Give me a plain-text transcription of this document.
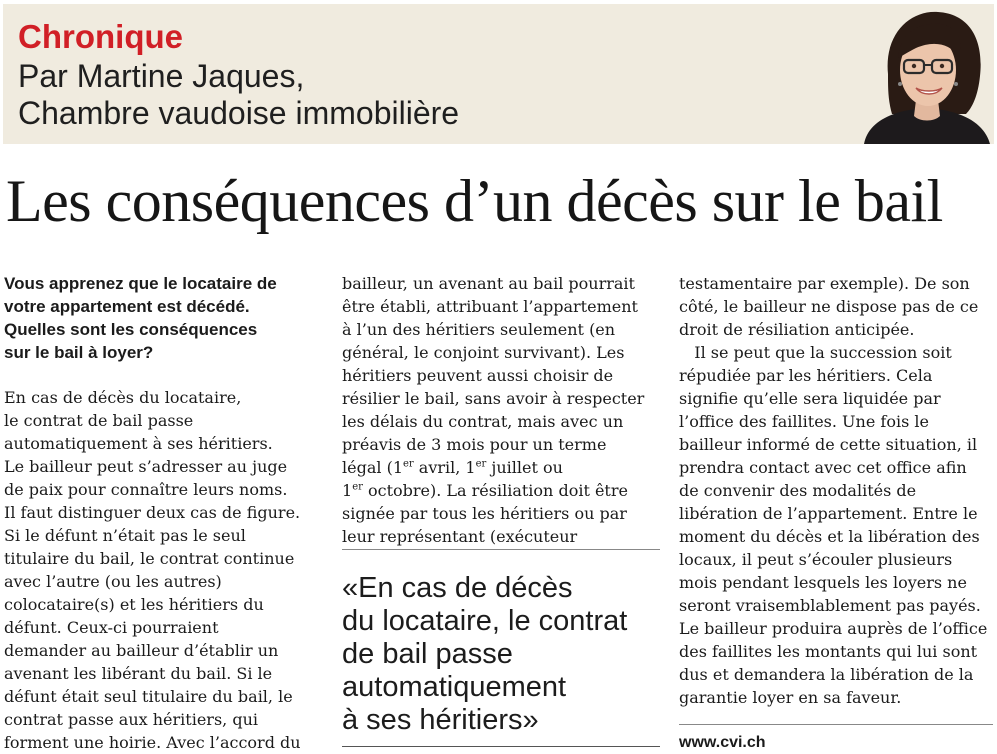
Chronique
Par Martine Jaques,
Chambre vaudoise immobilière
Les conséquences d’un décès sur le bail
Vous apprenez que le locataire de
votre appartement est décédé.
Quelles sont les conséquences
sur le bail à loyer?
En cas de décès du locataire,
le contrat de bail passe
automatiquement à ses héritiers.
Le bailleur peut s’adresser au juge
de paix pour connaître leurs noms.
Il faut distinguer deux cas de figure.
Si le défunt n’était pas le seul
titulaire du bail, le contrat continue
avec l’autre (ou les autres)
colocataire(s) et les héritiers du
défunt. Ceux-ci pourraient
demander au bailleur d’établir un
avenant les libérant du bail. Si le
défunt était seul titulaire du bail, le
contrat passe aux héritiers, qui
forment une hoirie. Avec l’accord du
bailleur, un avenant au bail pourrait
être établi, attribuant l’appartement
à l’un des héritiers seulement (en
général, le conjoint survivant). Les
héritiers peuvent aussi choisir de
résilier le bail, sans avoir à respecter
les délais du contrat, mais avec un
préavis de 3 mois pour un terme
légal (1er avril, 1er juillet ou
1er octobre). La résiliation doit être
signée par tous les héritiers ou par
leur représentant (exécuteur
«En cas de décès
du locataire, le contrat
de bail passe
automatiquement
à ses héritiers»
testamentaire par exemple). De son
côté, le bailleur ne dispose pas de ce
droit de résiliation anticipée.
Il se peut que la succession soit
répudiée par les héritiers. Cela
signifie qu’elle sera liquidée par
l’office des faillites. Une fois le
bailleur informé de cette situation, il
prendra contact avec cet office afin
de convenir des modalités de
libération de l’appartement. Entre le
moment du décès et la libération des
locaux, il peut s’écouler plusieurs
mois pendant lesquels les loyers ne
seront vraisemblablement pas payés.
Le bailleur produira auprès de l’office
des faillites les montants qui lui sont
dus et demandera la libération de la
garantie loyer en sa faveur.
www.cvi.ch
